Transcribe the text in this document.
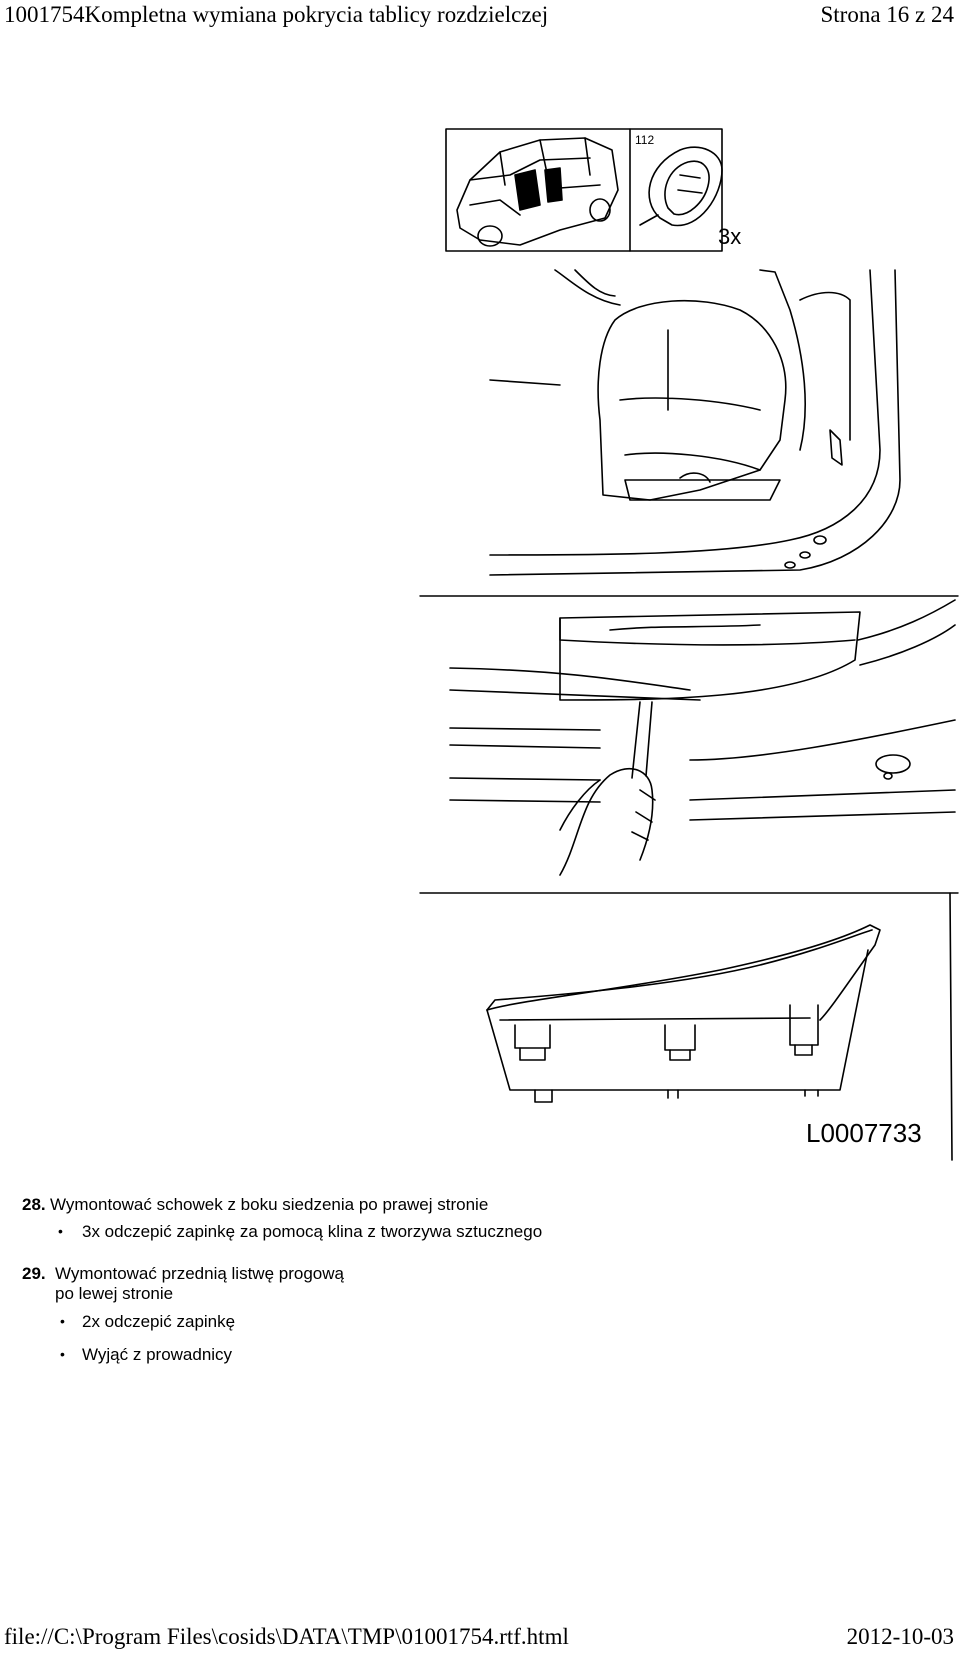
1001754Kompletna wymiana pokrycia tablicy rozdzielczej	Strona 16 z 24
112
3x
L0007733
28. Wymontować schowek z boku siedzenia po prawej stronie
• 3x odczepić zapinkę za pomocą klina z tworzywa sztucznego
29. Wymontować przednią listwę progową
po lewej stronie
• 2x odczepić zapinkę
• Wyjąć z prowadnicy
file://C:\Program Files\cosids\DATA\TMP\01001754.rtf.html	2012-10-03
